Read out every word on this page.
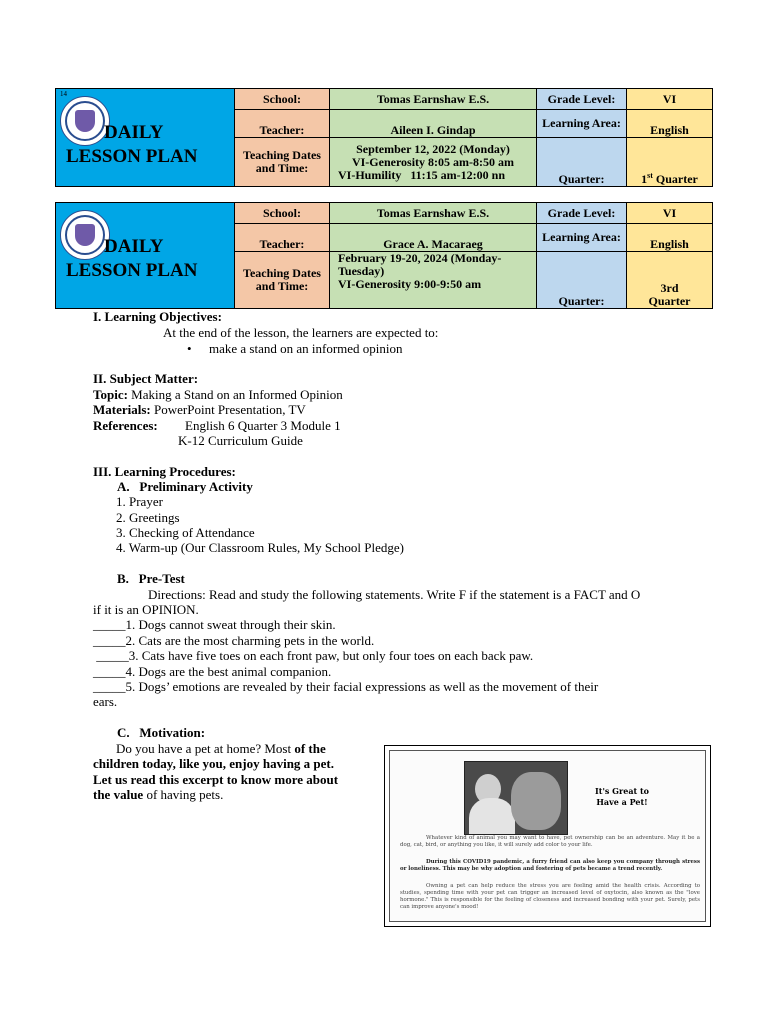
14
DAILY
LESSON PLAN	School:	Tomas Earnshaw E.S.	Grade Level:	VI
	Teacher:	Aileen I. Gindap	Learning Area:	English
	Teaching Dates and Time:	September 12, 2022 (Monday)
VI-Generosity 8:05 am-8:50 am
VI-Humility   11:15 am-12:00 nn	Quarter:	1st Quarter
DAILY
LESSON PLAN	School:	Tomas Earnshaw E.S.	Grade Level:	VI
	Teacher:	Grace A. Macaraeg	Learning Area:	English
	Teaching Dates and Time:	February 19-20, 2024 (Monday-
Tuesday)
VI-Generosity 9:00-9:50 am	Quarter:	3rd Quarter
I. Learning Objectives:
At the end of the lesson, the learners are expected to:
• make a stand on an informed opinion
II. Subject Matter:
Topic: Making a Stand on an Informed Opinion
Materials: PowerPoint Presentation, TV
References: English 6 Quarter 3 Module 1
K-12 Curriculum Guide
III. Learning Procedures:
A.   Preliminary Activity
1. Prayer
2. Greetings
3. Checking of Attendance
4. Warm-up (Our Classroom Rules, My School Pledge)
B.   Pre-Test
Directions: Read and study the following statements. Write F if the statement is a FACT and O
if it is an OPINION.
_____1. Dogs cannot sweat through their skin.
_____2. Cats are the most charming pets in the world.
_____3. Cats have five toes on each front paw, but only four toes on each back paw.
_____4. Dogs are the best animal companion.
_____5. Dogs’ emotions are revealed by their facial expressions as well as the movement of their
ears.
C.   Motivation:
Do you have a pet at home? Most of the
children today, like you, enjoy having a pet.
Let us read this excerpt to know more about
the value of having pets.	It's Great to
Have a Pet!
Whatever kind of animal you may want to have, pet ownership can be an adventure. May it be a dog, cat, bird, or anything you like, it will surely add color to your life.
During this COVID19 pandemic, a furry friend can also keep you company through stress or loneliness. This may be why adoption and fostering of pets became a trend recently.
Owning a pet can help reduce the stress you are feeling amid the health crisis. According to studies, spending time with your pet can trigger an increased level of oxytocin, also known as the "love hormone." This is responsible for the feeling of closeness and increased bonding with your pet. Surely, pets can improve anyone's mood!
